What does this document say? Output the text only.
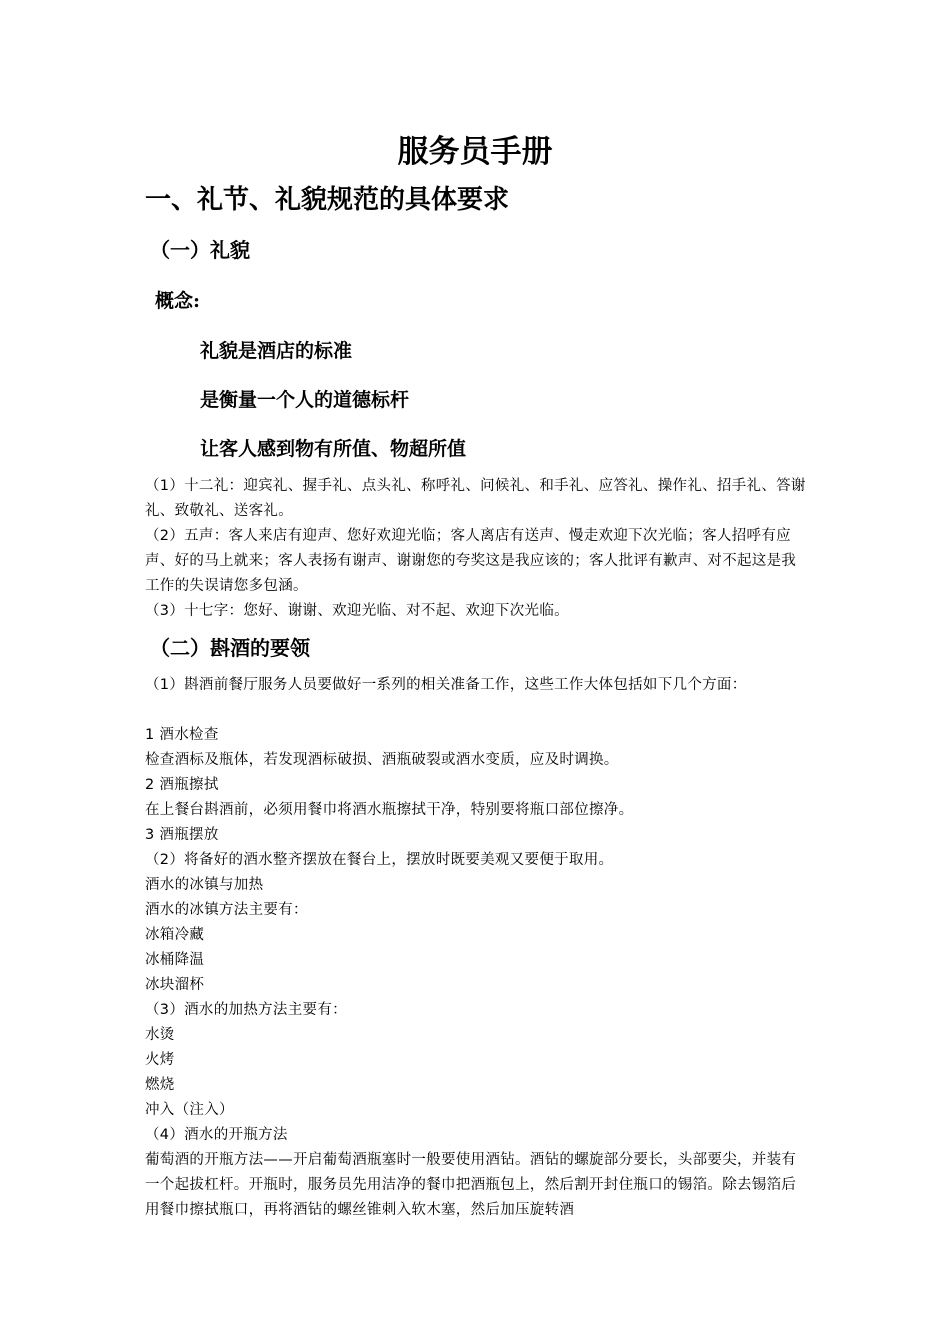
服务员手册
一、礼节、礼貌规范的具体要求
（一）礼貌
概念:
礼貌是酒店的标准
是衡量一个人的道德标杆
让客人感到物有所值、物超所值
（1）十二礼：迎宾礼、握手礼、点头礼、称呼礼、问候礼、和手礼、应答礼、操作礼、招手礼、答谢礼、致敬礼、送客礼。
（2）五声：客人来店有迎声、您好欢迎光临；客人离店有送声、慢走欢迎下次光临；客人招呼有应声、好的马上就来；客人表扬有谢声、谢谢您的夸奖这是我应该的；客人批评有歉声、对不起这是我工作的失误请您多包涵。
（3）十七字：您好、谢谢、欢迎光临、对不起、欢迎下次光临。
（二）斟酒的要领
（1）斟酒前餐厅服务人员要做好一系列的相关准备工作，这些工作大体包括如下几个方面：
1 酒水检查
检查酒标及瓶体，若发现酒标破损、酒瓶破裂或酒水变质，应及时调换。
2 酒瓶擦拭
在上餐台斟酒前，必须用餐巾将酒水瓶擦拭干净，特别要将瓶口部位擦净。
3 酒瓶摆放
（2）将备好的酒水整齐摆放在餐台上，摆放时既要美观又要便于取用。
酒水的冰镇与加热
酒水的冰镇方法主要有：
冰箱冷藏
冰桶降温
冰块溜杯
（3）酒水的加热方法主要有：
水烫
火烤
燃烧
冲入（注入）
（4）酒水的开瓶方法
葡萄酒的开瓶方法——开启葡萄酒瓶塞时一般要使用酒钻。酒钻的螺旋部分要长，头部要尖，并装有一个起拔杠杆。开瓶时，服务员先用洁净的餐巾把酒瓶包上，然后割开封住瓶口的锡箔。除去锡箔后用餐巾擦拭瓶口，再将酒钻的螺丝锥刺入软木塞，然后加压旋转酒
